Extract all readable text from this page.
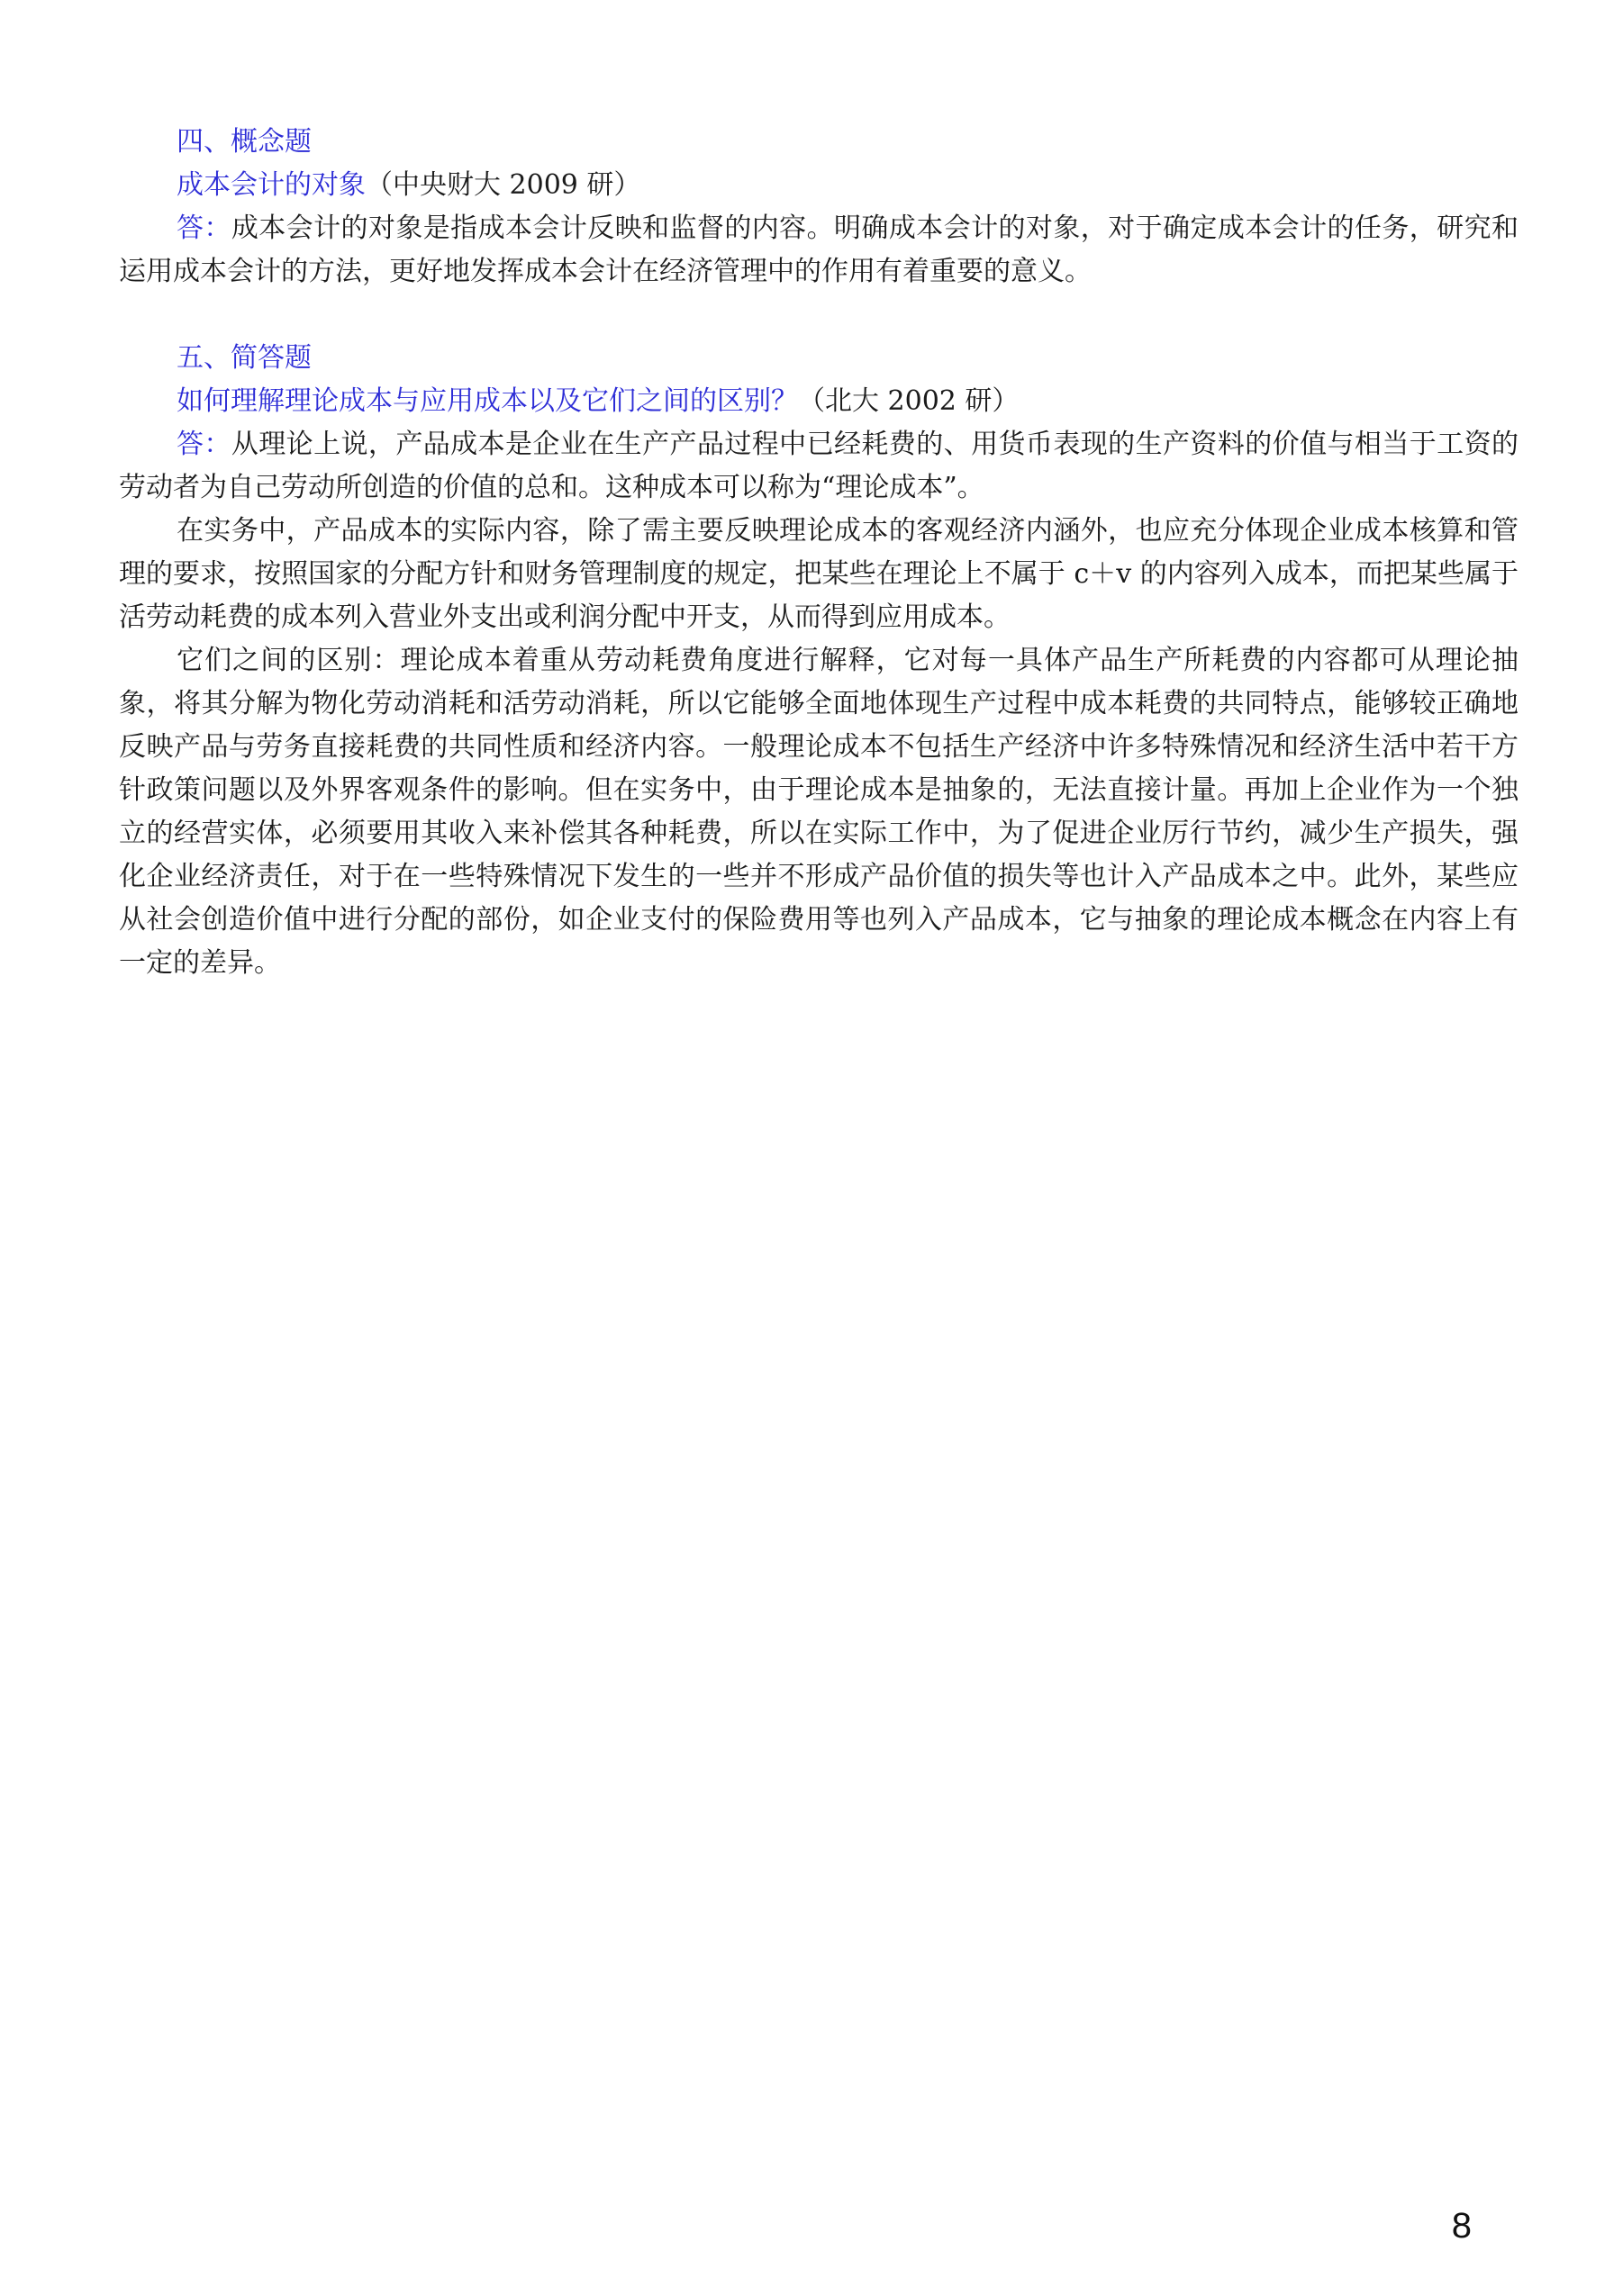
四、概念题

成本会计的对象（中央财大 2009 研）

答：成本会计的对象是指成本会计反映和监督的内容。明确成本会计的对象，对于确定成本会计的任务，研究和运用成本会计的方法，更好地发挥成本会计在经济管理中的作用有着重要的意义。

五、简答题

如何理解理论成本与应用成本以及它们之间的区别？（北大 2002 研）

答：从理论上说，产品成本是企业在生产产品过程中已经耗费的、用货币表现的生产资料的价值与相当于工资的劳动者为自己劳动所创造的价值的总和。这种成本可以称为“理论成本”。

在实务中，产品成本的实际内容，除了需主要反映理论成本的客观经济内涵外，也应充分体现企业成本核算和管理的要求，按照国家的分配方针和财务管理制度的规定，把某些在理论上不属于 c＋v 的内容列入成本，而把某些属于活劳动耗费的成本列入营业外支出或利润分配中开支，从而得到应用成本。

它们之间的区别：理论成本着重从劳动耗费角度进行解释，它对每一具体产品生产所耗费的内容都可从理论抽象，将其分解为物化劳动消耗和活劳动消耗，所以它能够全面地体现生产过程中成本耗费的共同特点，能够较正确地反映产品与劳务直接耗费的共同性质和经济内容。一般理论成本不包括生产经济中许多特殊情况和经济生活中若干方针政策问题以及外界客观条件的影响。但在实务中，由于理论成本是抽象的，无法直接计量。再加上企业作为一个独立的经营实体，必须要用其收入来补偿其各种耗费，所以在实际工作中，为了促进企业厉行节约，减少生产损失，强化企业经济责任，对于在一些特殊情况下发生的一些并不形成产品价值的损失等也计入产品成本之中。此外，某些应从社会创造价值中进行分配的部份，如企业支付的保险费用等也列入产品成本，它与抽象的理论成本概念在内容上有一定的差异。

8
